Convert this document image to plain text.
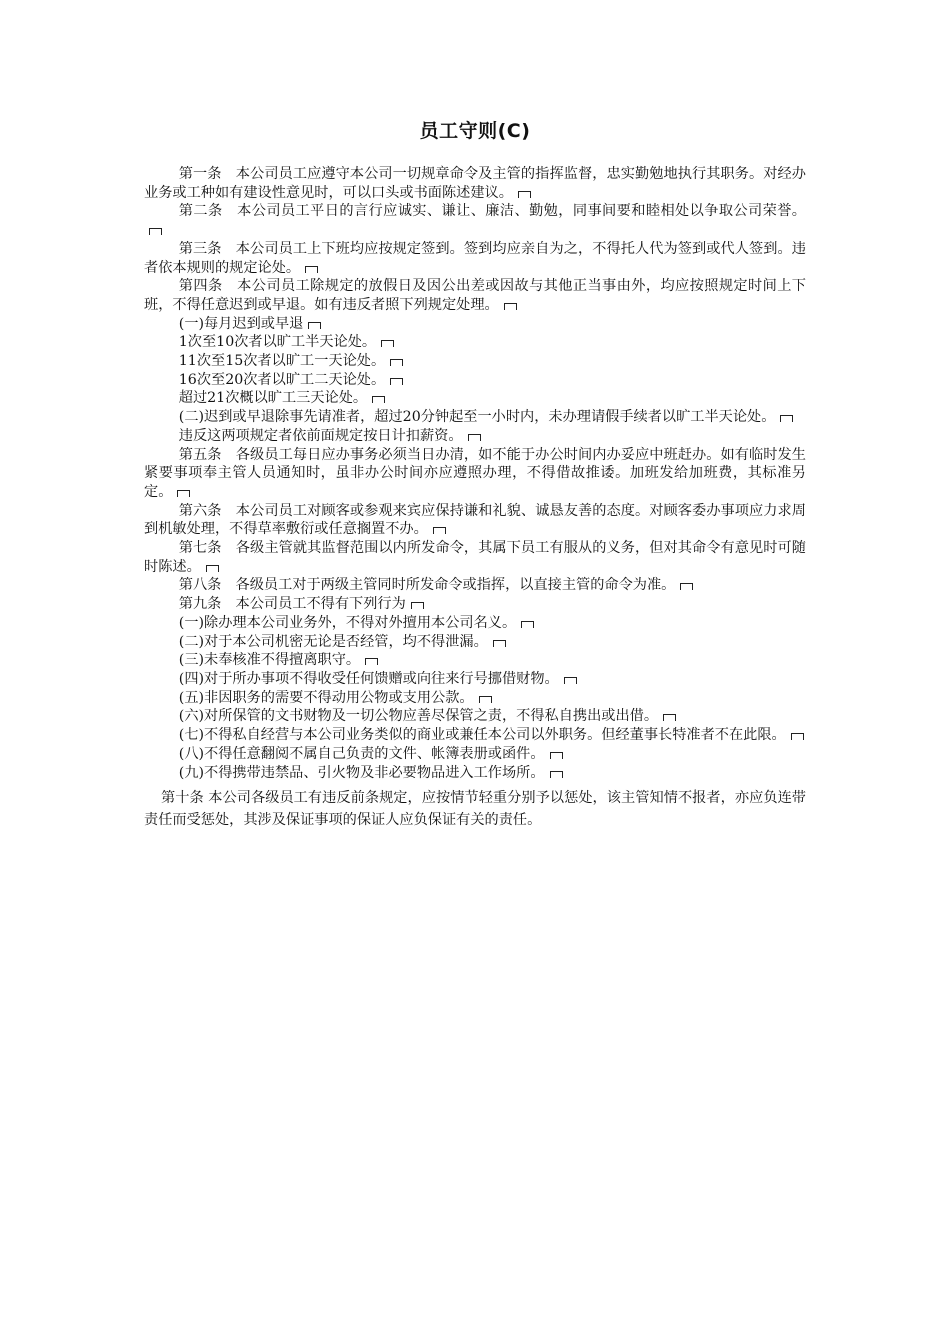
员工守则(C)
第一条　本公司员工应遵守本公司一切规章命令及主管的指挥监督，忠实勤勉地执行其职务。对经办业务或工种如有建设性意见时，可以口头或书面陈述建议。
第二条　本公司员工平日的言行应诚实、谦让、廉洁、勤勉，同事间要和睦相处以争取公司荣誉。
第三条　本公司员工上下班均应按规定签到。签到均应亲自为之，不得托人代为签到或代人签到。违者依本规则的规定论处。
第四条　本公司员工除规定的放假日及因公出差或因故与其他正当事由外，均应按照规定时间上下班，不得任意迟到或早退。如有违反者照下列规定处理。
(一)每月迟到或早退
1次至10次者以旷工半天论处。
11次至15次者以旷工一天论处。
16次至20次者以旷工二天论处。
超过21次概以旷工三天论处。
(二)迟到或早退除事先请准者，超过20分钟起至一小时内，未办理请假手续者以旷工半天论处。
违反这两项规定者依前面规定按日计扣薪资。
第五条　各级员工每日应办事务必须当日办清，如不能于办公时间内办妥应中班赶办。如有临时发生紧要事项奉主管人员通知时，虽非办公时间亦应遵照办理，不得借故推诿。加班发给加班费，其标准另定。
第六条　本公司员工对顾客或参观来宾应保持谦和礼貌、诚恳友善的态度。对顾客委办事项应力求周到机敏处理，不得草率敷衍或任意搁置不办。
第七条　各级主管就其监督范围以内所发命令，其属下员工有服从的义务，但对其命令有意见时可随时陈述。
第八条　各级员工对于两级主管同时所发命令或指挥，以直接主管的命令为准。
第九条　本公司员工不得有下列行为
(一)除办理本公司业务外，不得对外擅用本公司名义。
(二)对于本公司机密无论是否经管，均不得泄漏。
(三)未奉核准不得擅离职守。
(四)对于所办事项不得收受任何馈赠或向往来行号挪借财物。
(五)非因职务的需要不得动用公物或支用公款。
(六)对所保管的文书财物及一切公物应善尽保管之责，不得私自携出或出借。
(七)不得私自经营与本公司业务类似的商业或兼任本公司以外职务。但经董事长特准者不在此限。
(八)不得任意翻阅不属自己负责的文件、帐簿表册或函件。
(九)不得携带违禁品、引火物及非必要物品进入工作场所。
第十条 本公司各级员工有违反前条规定，应按情节轻重分别予以惩处，该主管知情不报者，亦应负连带责任而受惩处，其涉及保证事项的保证人应负保证有关的责任。
